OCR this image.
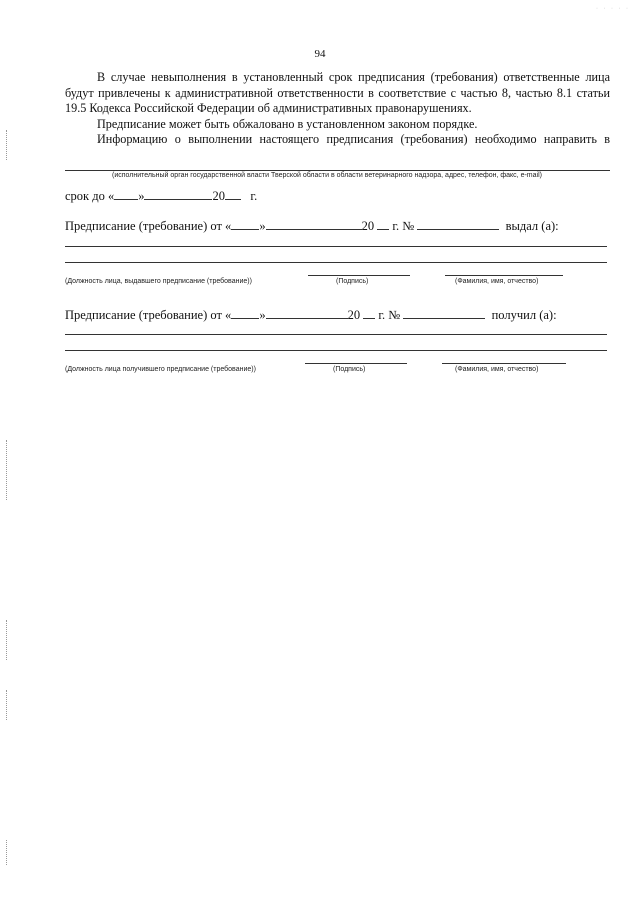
· · · · ·
94

В случае невыполнения в установленный срок предписания (требования) ответственные лица будут привлечены к административной ответственности в соответствие с частью 8, частью 8.1 статьи 19.5 Кодекса Российской Федерации об административных правонарушениях.

Предписание может быть обжаловано в установленном законом порядке.

Информацию о выполнении настоящего предписания (требования) необходимо направить в

(исполнительный орган государственной власти Тверской области в области ветеринарного надзора, адрес, телефон, факс, e-mail)
срок до « »	20 г.
Предписание (требование) от « »	20 г. №	выдал (а):
(Должность лица, выдавшего предписание (требование))	(Подпись)	(Фамилия, имя, отчество)
Предписание (требование) от « »	20 г. №	получил (а):
(Должность лица получившего предписание (требование))	(Подпись)	(Фамилия, имя, отчество)
